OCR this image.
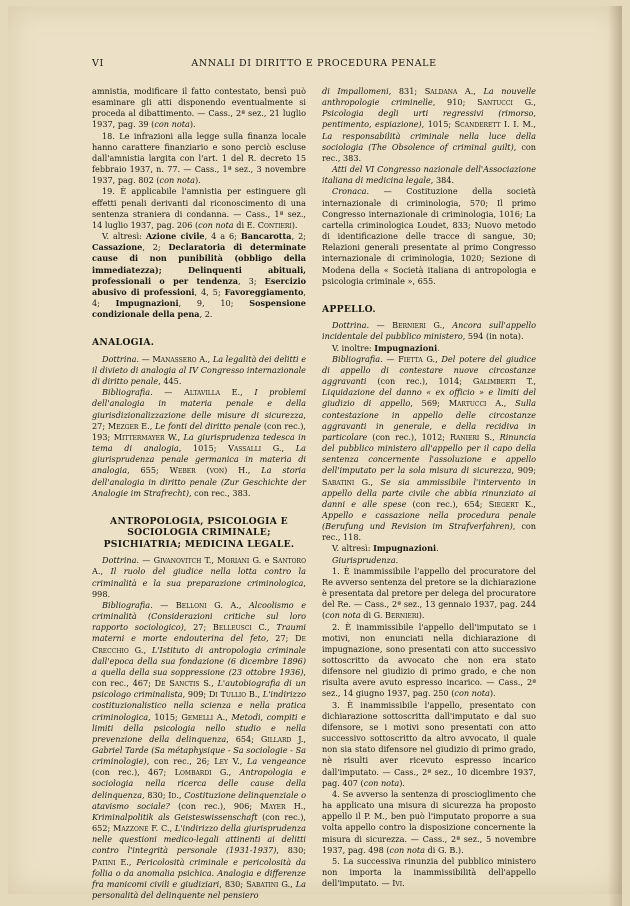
VI	ANNALI DI DIRITTO E PROCEDURA PENALE

amnistia, modificare il fatto contestato, bensì può esaminare gli atti disponendo eventualmente si proceda al dibattimento. — Cass., 2ª sez., 21 luglio 1937, pag. 39 (con nota).

18. Le infrazioni alla legge sulla finanza locale hanno carattere finanziario e sono perciò escluse dall'amnistia largita con l'art. 1 del R. decreto 15 febbraio 1937, n. 77. — Cass., 1ª sez., 3 novembre 1937, pag. 802 (con nota).

19. È applicabile l'amnistia per estinguere gli effetti penali derivanti dal riconoscimento di una sentenza straniera di condanna. — Cass., 1ª sez., 14 luglio 1937, pag. 206 (con nota di E. Contieri).

V. altresì: Azione civile, 4 a 6; Bancarotta, 2; Cassazione, 2; Declaratoria di determinate cause di non punibilità (obbligo della immediatezza); Delinquenti abituali, professionali o per tendenza, 3; Esercizio abusivo di professioni, 4, 5; Favoreggiamento, 4; Impugnazioni, 9, 10; Sospensione condizionale della pena, 2.

ANALOGIA.

Dottrina. — Manassero A., La legalità dei delitti e il divieto di analogia al IV Congresso internazionale di diritto penale, 445.

Bibliografia. — Altavilla E., I problemi dell'analogia in materia penale e della giurisdizionalizzazione delle misure di sicurezza, 27; Mezger E., Le fonti del diritto penale (con rec.), 193; Mittermayer W., La giurisprudenza tedesca in tema di analogia, 1015; Vassalli G., La giurisprudenza penale germanica in materia di analogia, 655; Weber (von) H., La storia dell'analogia in diritto penale (Zur Geschichte der Analogie im Strafrecht), con rec., 383.

ANTROPOLOGIA, PSICOLOGIA E SOCIOLOGIA CRIMINALE; PSICHIATRIA; MEDICINA LEGALE.

Dottrina. — Givanovitch T., Moriani G. e Santoro A., Il ruolo del giudice nella lotta contro la criminalità e la sua preparazione criminologica, 998.

Bibliografia. — Belloni G. A., Alcoolismo e criminalità (Considerazioni critiche sul loro rapporto sociologico), 27; Belleusci C., Traumi materni e morte endouterina del feto, 27; De Crecchio G., L'Istituto di antropologia criminale dall'epoca della sua fondazione (6 dicembre 1896) a quella della sua soppressione (23 ottobre 1936), con rec., 467; De Sanctis S., L'autobiografia di un psicologo criminalista, 909; Di Tullio B., L'indirizzo costituzionalistico nella scienza e nella pratica criminologica, 1015; Gemelli A., Metodi, compiti e limiti della psicologia nello studio e nella prevenzione della delinquenza, 654; Gillard J., Gabriel Tarde (Sa métaphysique - Sa sociologie - Sa criminologie), con rec., 26; Ley V., La vengeance (con rec.), 467; Lombardi G., Antropologia e sociologia nella ricerca delle cause della delinquenza, 830; Id., Costituzione delinquenziale o atavismo sociale? (con rec.), 906; Mayer H., Kriminalpolitik als Geisteswissenschaft (con rec.), 652; Mazzone F. C., L'indirizzo della giurisprudenza nelle questioni medico-legali attinenti ai delitti contro l'integrità personale (1931-1937), 830; Patini E., Pericolosità criminale e pericolosità da follia o da anomalia psichica. Analogia e differenze fra manicomi civili e giudiziari, 830; Sabatini G., La personalità del delinquente nel pensiero

di Impallomeni, 831; Saldana A., La nouvelle anthropologie criminelle, 910; Santucci G., Psicologia degli urti regressivi (rimorso, pentimento, espiazione), 1015; Scanderett I. I. M., La responsabilità criminale nella luce della sociologia (The Obsolence of criminal guilt), con rec., 383.

Atti del VI Congresso nazionale dell'Associazione italiana di medicina legale, 384.

Cronaca. — Costituzione della società internazionale di criminologia, 570; Il primo Congresso internazionale di criminologia, 1016; La cartella criminologica Loudet, 833; Nuovo metodo di identificazione delle tracce di sangue, 30; Relazioni generali presentate al primo Congresso internazionale di criminologia, 1020; Sezione di Modena della « Società italiana di antropologia e psicologia criminale », 655.

APPELLO.

Dottrina. — Bernieri G., Ancora sull'appello incidentale del pubblico ministero, 594 (in nota).

V. inoltre: Impugnazioni.

Bibliografia. — Fietta G., Del potere del giudice di appello di contestare nuove circostanze aggravanti (con rec.), 1014; Galimberti T., Liquidazione del danno « ex officio » e limiti del giudizio di appello, 569; Martucci A., Sulla contestazione in appello delle circostanze aggravanti in generale, e della recidiva in particolare (con rec.), 1012; Ranieri S., Rinuncia del pubblico ministero all'appello per il capo della sentenza concernente l'assoluzione e appello dell'imputato per la sola misura di sicurezza, 909; Sabatini G., Se sia ammissibile l'intervento in appello della parte civile che abbia rinunziato ai danni e alle spese (con rec.), 654; Siegert K., Appello e cassazione nella procedura penale (Berufung und Revision im Strafverfahren), con rec., 118.

V. altresì: Impugnazioni.

Giurisprudenza.

1. È inammissibile l'appello del procuratore del Re avverso sentenza del pretore se la dichiarazione è presentata dal pretore per delega del procuratore del Re. — Cass., 2ª sez., 13 gennaio 1937, pag. 244 (con nota di G. Bernieri).

2. È inammissibile l'appello dell'imputato se i motivi, non enunciati nella dichiarazione di impugnazione, sono presentati con atto successivo sottoscritto da avvocato che non era stato difensore nel giudizio di primo grado, e che non risulta avere avuto espresso incarico. — Cass., 2ª sez., 14 giugno 1937, pag. 250 (con nota).

3. È inammissibile l'appello, presentato con dichiarazione sottoscritta dall'imputato e dal suo difensore, se i motivi sono presentati con atto successivo sottoscritto da altro avvocato, il quale non sia stato difensore nel giudizio di primo grado, nè risulti aver ricevuto espresso incarico dall'imputato. — Cass., 2ª sez., 10 dicembre 1937, pag. 407 (con nota).

4. Se avverso la sentenza di proscioglimento che ha applicato una misura di sicurezza ha proposto appello il P. M., ben può l'imputato proporre a sua volta appello contro la disposizione concernente la misura di sicurezza. — Cass., 2ª sez., 5 novembre 1937, pag. 498 (con nota di G. B.).

5. La successiva rinunzia del pubblico ministero non importa la inammissibilità dell'appello dell'imputato. — Ivi.
